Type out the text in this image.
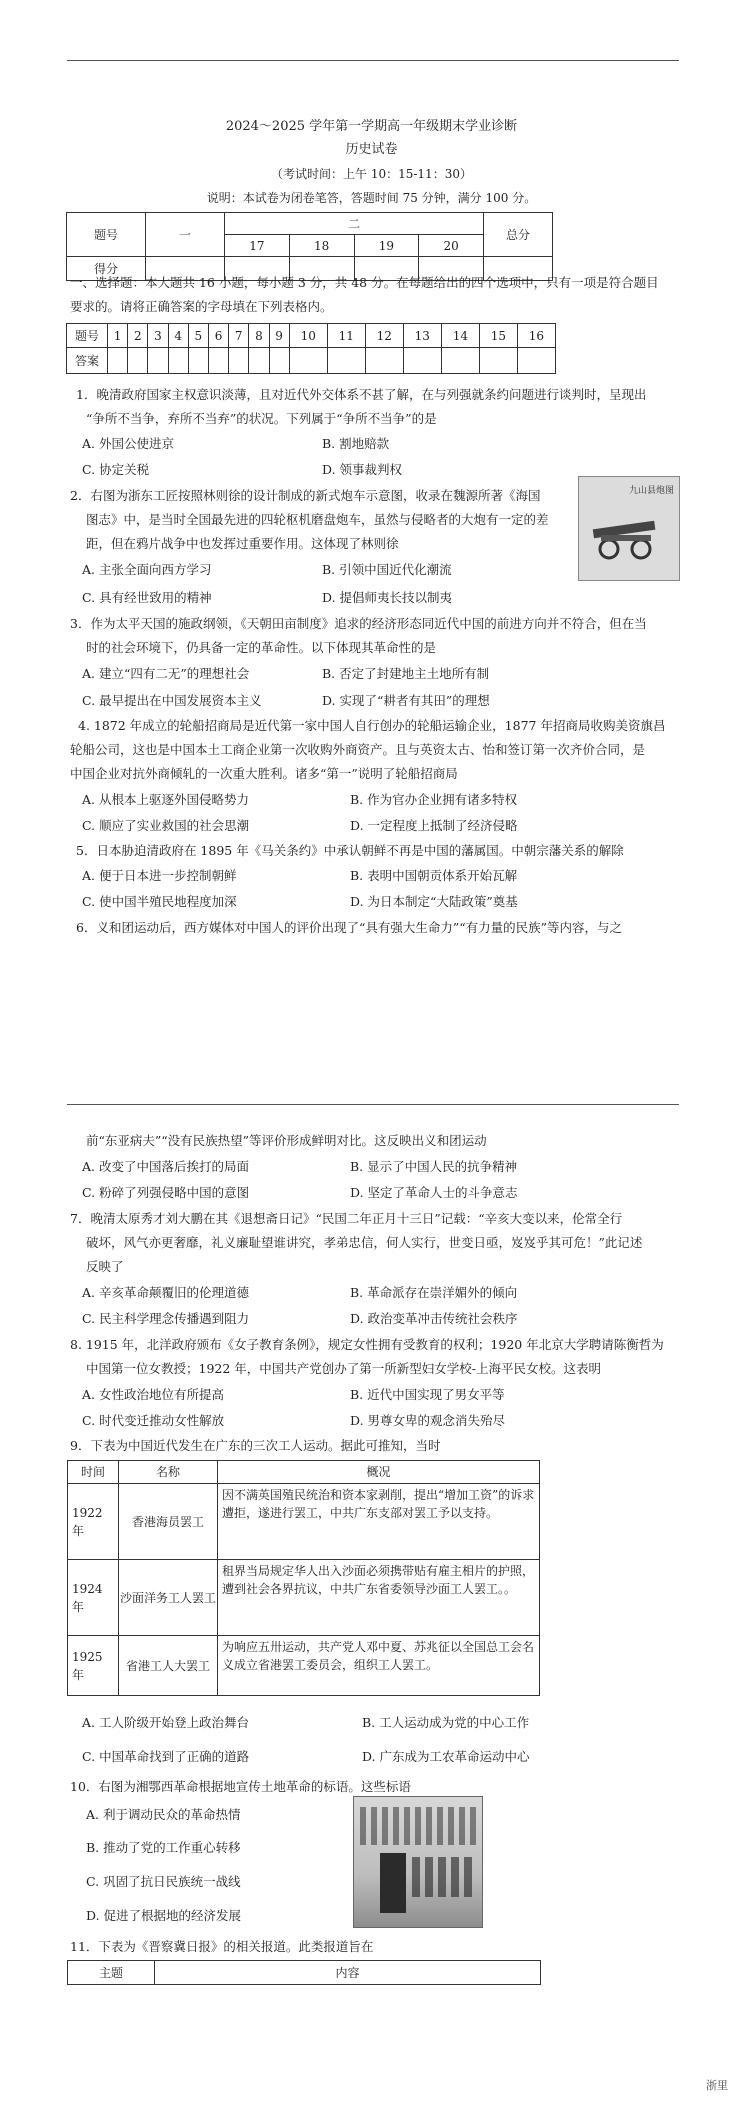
2024～2025 学年第一学期高一年级期末学业诊断
历史试卷
（考试时间：上午 10：15-11：30）
说明：本试卷为闭卷笔答，答题时间 75 分钟，满分 100 分。
题号	一	二				总分
		17	18	19	20	
得分						
一、选择题：本大题共 16 小题，每小题 3 分，共 48 分。在每题给出的四个选项中，只有一项是符合题目
要求的。请将正确答案的字母填在下列表格内。
题号	1	2	3	4	5	6	7	8	9	10	11	12	13	14	15	16
答案																
1．晚清政府国家主权意识淡薄，且对近代外交体系不甚了解，在与列强就条约问题进行谈判时，呈现出
“争所不当争，弃所不当弃”的状况。下列属于“争所不当争”的是
A. 外国公使进京	B. 割地赔款
C. 协定关税	D. 领事裁判权
2．右图为浙东工匠按照林则徐的设计制成的新式炮车示意图，收录在魏源所著《海国
图志》中，是当时全国最先进的四轮枢机磨盘炮车，虽然与侵略者的大炮有一定的差
距，但在鸦片战争中也发挥过重要作用。这体现了林则徐
A. 主张全面向西方学习	B. 引领中国近代化潮流
C. 具有经世致用的精神	D. 提倡师夷长技以制夷
九山县炮图
3．作为太平天国的施政纲领，《天朝田亩制度》追求的经济形态同近代中国的前进方向并不符合，但在当
时的社会环境下，仍具备一定的革命性。以下体现其革命性的是
A. 建立“四有二无”的理想社会	B. 否定了封建地主土地所有制
C. 最早提出在中国发展资本主义	D. 实现了“耕者有其田”的理想
4. 1872 年成立的轮船招商局是近代第一家中国人自行创办的轮船运输企业，1877 年招商局收购美资旗昌
轮船公司，这也是中国本土工商企业第一次收购外商资产。且与英资太古、怡和签订第一次齐价合同，是
中国企业对抗外商倾轧的一次重大胜利。诸多“第一”说明了轮船招商局
A. 从根本上驱逐外国侵略势力	B. 作为官办企业拥有诸多特权
C. 顺应了实业救国的社会思潮	D. 一定程度上抵制了经济侵略
5．日本胁迫清政府在 1895 年《马关条约》中承认朝鲜不再是中国的藩属国。中朝宗藩关系的解除
A. 便于日本进一步控制朝鲜	B. 表明中国朝贡体系开始瓦解
C. 使中国半殖民地程度加深	D. 为日本制定“大陆政策”奠基
6．义和团运动后，西方媒体对中国人的评价出现了“具有强大生命力”“有力量的民族”等内容，与之
前“东亚病夫”“没有民族热望”等评价形成鲜明对比。这反映出义和团运动
A. 改变了中国落后挨打的局面	B. 显示了中国人民的抗争精神
C. 粉碎了列强侵略中国的意图	D. 坚定了革命人士的斗争意志
7．晚清太原秀才刘大鹏在其《退想斋日记》“民国二年正月十三日”记载：“辛亥大变以来，伦常全行
破坏，风气亦更奢靡，礼义廉耻望谁讲究，孝弟忠信，何人实行，世变日亟，岌岌乎其可危！”此记述
反映了
A. 辛亥革命颠覆旧的伦理道德	B. 革命派存在崇洋媚外的倾向
C. 民主科学理念传播遇到阻力	D. 政治变革冲击传统社会秩序
8. 1915 年，北洋政府颁布《女子教育条例》，规定女性拥有受教育的权利；1920 年北京大学聘请陈衡哲为
中国第一位女教授；1922 年，中国共产党创办了第一所新型妇女学校-上海平民女校。这表明
A. 女性政治地位有所提高	B. 近代中国实现了男女平等
C. 时代变迁推动女性解放	D. 男尊女卑的观念消失殆尽
9．下表为中国近代发生在广东的三次工人运动。据此可推知，当时
时间	名称	概况
1922 年	香港海员罢工	因不满英国殖民统治和资本家剥削，提出“增加工资”的诉求遭拒，遂进行罢工，中共广东支部对罢工予以支持。
1924 年	沙面洋务工人罢工	租界当局规定华人出入沙面必须携带贴有雇主相片的护照，遭到社会各界抗议，中共广东省委领导沙面工人罢工。。
1925 年	省港工人大罢工	为响应五卅运动，共产党人邓中夏、苏兆征以全国总工会名义成立省港罢工委员会，组织工人罢工。
A. 工人阶级开始登上政治舞台	B. 工人运动成为党的中心工作
C. 中国革命找到了正确的道路	D. 广东成为工农革命运动中心
10．右图为湘鄂西革命根据地宣传土地革命的标语。这些标语
A. 利于调动民众的革命热情
B. 推动了党的工作重心转移
C. 巩固了抗日民族统一战线
D. 促进了根据地的经济发展
11．下表为《晋察冀日报》的相关报道。此类报道旨在
主题	内容
浙里
